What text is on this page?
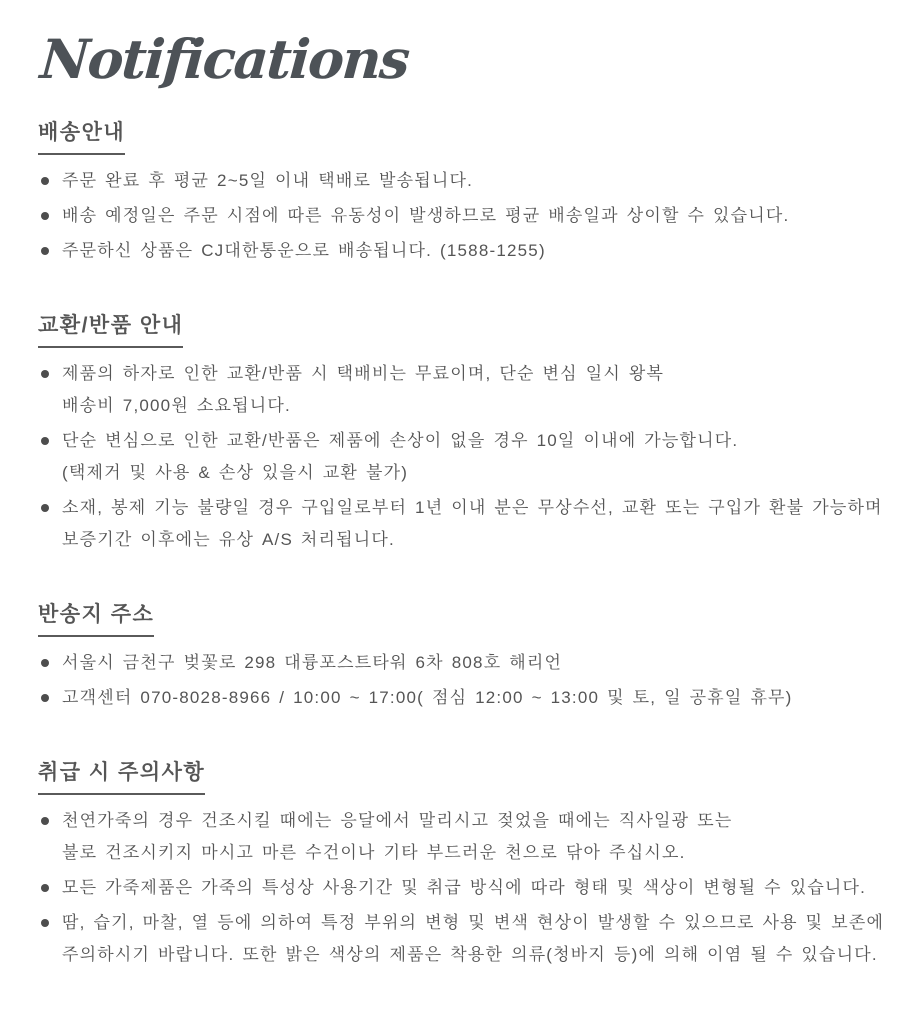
Notifications
배송안내
주문 완료 후 평균 2~5일 이내 택배로 발송됩니다.
배송 예정일은 주문 시점에 따른 유동성이 발생하므로 평균 배송일과 상이할 수 있습니다.
주문하신 상품은 CJ대한통운으로 배송됩니다. (1588-1255)
교환/반품 안내
제품의 하자로 인한 교환/반품 시 택배비는 무료이며, 단순 변심 일시 왕복
배송비 7,000원 소요됩니다.
단순 변심으로 인한 교환/반품은 제품에 손상이 없을 경우 10일 이내에 가능합니다.
(택제거 및 사용 & 손상 있을시 교환 불가)
소재, 봉제 기능 불량일 경우 구입일로부터 1년 이내 분은 무상수선, 교환 또는 구입가 환불 가능하며
보증기간 이후에는 유상 A/S 처리됩니다.
반송지 주소
서울시 금천구 벚꽃로 298 대륭포스트타워 6차 808호 해리언
고객센터 070-8028-8966 / 10:00 ~ 17:00( 점심 12:00 ~ 13:00 및 토, 일 공휴일 휴무)
취급 시 주의사항
천연가죽의 경우 건조시킬 때에는 응달에서 말리시고 젖었을 때에는 직사일광 또는
불로 건조시키지 마시고 마른 수건이나 기타 부드러운 천으로 닦아 주십시오.
모든 가죽제품은 가죽의 특성상 사용기간 및 취급 방식에 따라 형태 및 색상이 변형될 수 있습니다.
땀, 습기, 마찰, 열 등에 의하여 특정 부위의 변형 및 변색 현상이 발생할 수 있으므로 사용 및 보존에
주의하시기 바랍니다. 또한 밝은 색상의 제품은 착용한 의류(청바지 등)에 의해 이염 될 수 있습니다.
